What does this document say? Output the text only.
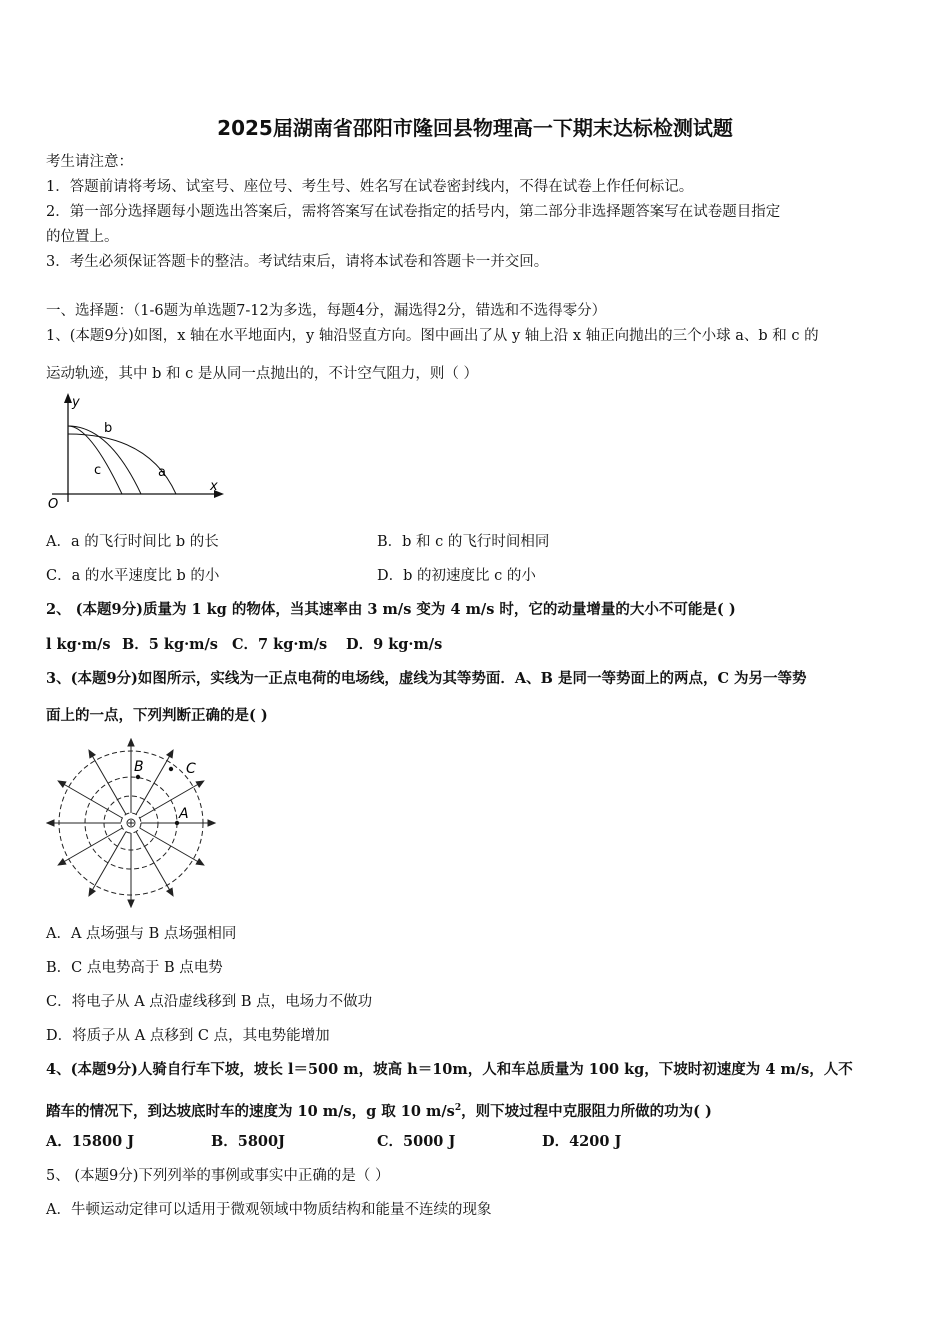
2025届湖南省邵阳市隆回县物理高一下期末达标检测试题
考生请注意：
1．答题前请将考场、试室号、座位号、考生号、姓名写在试卷密封线内，不得在试卷上作任何标记。
2．第一部分选择题每小题选出答案后，需将答案写在试卷指定的括号内，第二部分非选择题答案写在试卷题目指定
的位置上。
3．考生必须保证答题卡的整洁。考试结束后，请将本试卷和答题卡一并交回。
一、选择题：（1-6题为单选题7-12为多选，每题4分，漏选得2分，错选和不选得零分）
1、(本题9分)如图，x 轴在水平地面内，y 轴沿竖直方向。图中画出了从 y 轴上沿 x 轴正向抛出的三个小球 a、b 和 c 的
运动轨迹，其中 b 和 c 是从同一点抛出的，不计空气阻力，则（ ）
y
b
c	a
O
x
A．a 的飞行时间比 b 的长	B．b 和 c 的飞行时间相同
C．a 的水平速度比 b 的小	D．b 的初速度比 c 的小
2、 (本题9分)质量为 1 kg 的物体，当其速率由 3 m/s 变为 4 m/s 时，它的动量增量的大小不可能是( )
l kg·m/s B．5 kg·m/s C．7 kg·m/s D．9 kg·m/s
3、(本题9分)如图所示，实线为一正点电荷的电场线，虚线为其等势面．A、B 是同一等势面上的两点，C 为另一等势
面上的一点，下列判断正确的是( )
A
B	C
A．A 点场强与 B 点场强相同
B．C 点电势高于 B 点电势
C．将电子从 A 点沿虚线移到 B 点，电场力不做功
D．将质子从 A 点移到 C 点，其电势能增加
4、(本题9分)人骑自行车下坡，坡长 l＝500 m，坡高 h＝10m，人和车总质量为 100 kg，下坡时初速度为 4 m/s，人不
踏车的情况下，到达坡底时车的速度为 10 m/s，g 取 10 $m/s^2$，则下坡过程中克服阻力所做的功为( )
A．15800 J	B．5800J	C．5000 J	D．4200 J
5、 (本题9分)下列列举的事例或事实中正确的是（ ）
A．牛顿运动定律可以适用于微观领域中物质结构和能量不连续的现象
